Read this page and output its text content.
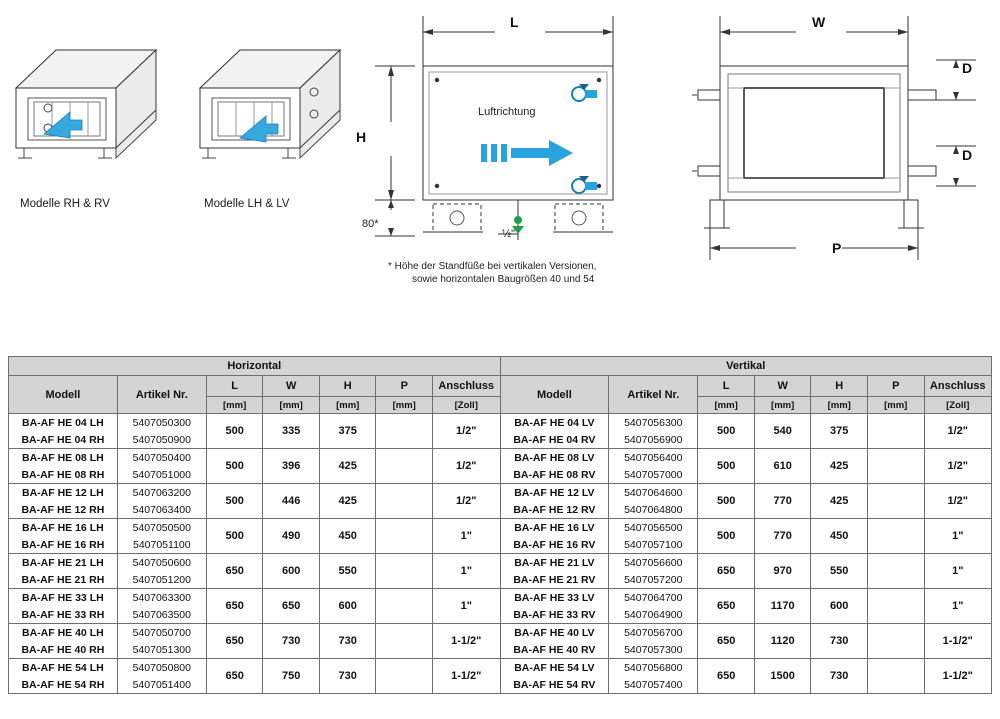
Modelle RH & RV	Modelle LH & LV
L
H
80*
Luftrichtung
½"
* Höhe der Standfüße bei vertikalen Versionen,
sowie horizontalen Baugrößen 40 und 54
W
P
D
D
Horizontal							Vertikal						
Modell	Artikel Nr.	L	W	H	P	Anschluss	Modell	Artikel Nr.	L	W	H	P	Anschluss
		[mm]	[mm]	[mm]	[mm]	[Zoll]			[mm]	[mm]	[mm]	[mm]	[Zoll]
BA-AF HE 04 LH	5407050300	500	335	375		1/2"	BA-AF HE 04 LV	5407056300	500	540	375		1/2"
BA-AF HE 04 RH	5407050900						BA-AF HE 04 RV	5407056900					
BA-AF HE 08 LH	5407050400	500	396	425		1/2"	BA-AF HE 08 LV	5407056400	500	610	425		1/2"
BA-AF HE 08 RH	5407051000						BA-AF HE 08 RV	5407057000					
BA-AF HE 12 LH	5407063200	500	446	425		1/2"	BA-AF HE 12 LV	5407064600	500	770	425		1/2"
BA-AF HE 12 RH	5407063400						BA-AF HE 12 RV	5407064800					
BA-AF HE 16 LH	5407050500	500	490	450		1"	BA-AF HE 16 LV	5407056500	500	770	450		1"
BA-AF HE 16 RH	5407051100						BA-AF HE 16 RV	5407057100					
BA-AF HE 21 LH	5407050600	650	600	550		1"	BA-AF HE 21 LV	5407056600	650	970	550		1"
BA-AF HE 21 RH	5407051200						BA-AF HE 21 RV	5407057200					
BA-AF HE 33 LH	5407063300	650	650	600		1"	BA-AF HE 33 LV	5407064700	650	1170	600		1"
BA-AF HE 33 RH	5407063500						BA-AF HE 33 RV	5407064900					
BA-AF HE 40 LH	5407050700	650	730	730		1-1/2"	BA-AF HE 40 LV	5407056700	650	1120	730		1-1/2"
BA-AF HE 40 RH	5407051300						BA-AF HE 40 RV	5407057300					
BA-AF HE 54 LH	5407050800	650	750	730		1-1/2"	BA-AF HE 54 LV	5407056800	650	1500	730		1-1/2"
BA-AF HE 54 RH	5407051400						BA-AF HE 54 RV	5407057400					
